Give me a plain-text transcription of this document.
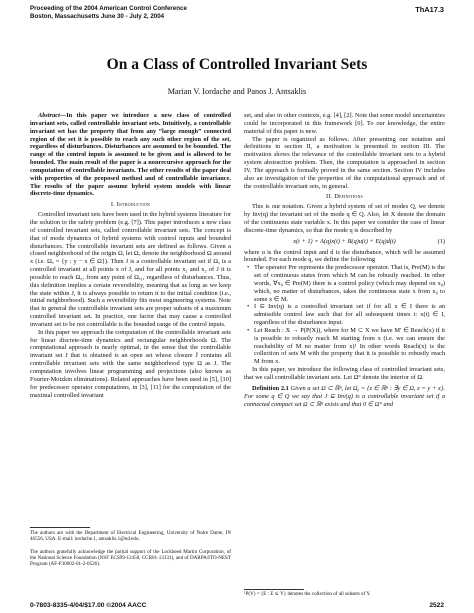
Proceeding of the 2004 American Control Conference
Boston, Massachusetts June 30 - July 2, 2004
ThA17.3
On a Class of Controlled Invariant Sets
Marian V. Iordache and Panos J. Antsaklis

Abstract—In this paper we introduce a new class of controlled invariant sets, called controllable invariant sets. Intuitively, a controllable invariant set has the property that from any “large enough” connected region of the set it is possible to reach any such other region of the set, regardless of disturbances. Disturbances are assumed to be bounded. The range of the control inputs is assumed to be given and is allowed to be bounded. The main result of the paper is a nonrecursive approach for the computation of controllable invariants. The other results of the paper deal with properties of the proposed method and of controllable invariance. The results of the paper assume hybrid system models with linear discrete-time dynamics.

I. Introduction

Controlled invariant sets have been used in the hybrid systems literature for the solution to the safety problem (e.g. [7]). This paper introduces a new class of controlled invariant sets, called controllable invariant sets. The concept is that of mode dynamics of hybrid systems with control inputs and bounded disturbances. The controllable invariant sets are defined as follows. Given a closed neighborhood of the origin Ω, let Ωₓ denote the neighborhood Ω around x (i.e. Ωₓ = {y : y − x ∈ Ω}). Then J is a controllable invariant set if Ωₓ is a controlled invariant at all points x of J, and for all points x₁ and x₂ of J it is possible to reach Ωₓ₂ from any point of Ωₓ₁, regardless of disturbances. Thus, this definition implies a certain reversibility, meaning that as long as we keep the state within J, it is always possible to return it to the initial condition (i.e., initial neighborhood). Such a reversibility fits most engineering systems. Note that in general the controllable invariant sets are proper subsets of a maximum controlled invariant set. In practice, one factor that may cause a controlled invariant set to be not controllable is the bounded range of the control inputs.

In this paper we approach the computation of the controllable invariant sets for linear discrete-time dynamics and rectangular neighborhoods Ω. The computational approach is nearly optimal, in the sense that the controllable invariant set J that is obtained is an open set whose closure J̄ contains all controllable invariant sets with the same neighborhood type Ω as J. The computation involves linear programming and projections (also known as Fourier-Motzkin eliminations). Related approaches have been used in [5], [10] for predecessor operator computations, in [3], [11] for the computation of the maximal controlled invariant

The authors are with the Department of Electrical Engineering, University of Notre Dame, IN 46556, USA. E-mail: iordache.1, antsaklis.1@nd.edu.
The authors gratefully acknowledge the partial support of the Lockheed Martin Corporation, of the National Science Foundation (NSF ECS99-12458, CCR01-13131), and of DARPA/ITO-NEST Program (AF-F30602-01-2-0526).

set, and also in other contexts, e.g. [4], [2]. Note that some model uncertainties could be incorporated in this framework [6]. To our knowledge, the entire material of this paper is new.

The paper is organized as follows. After presenting our notation and definitions in section II, a motivation is presented in section III. The motivation shows the relevance of the controllable invariant sets to a hybrid system abstraction problem. Then, the computation is approached in section IV. The approach is formally proved in the same section. Section IV includes also an investigation of the properties of the computational approach and of the controllable invariant sets, in general.

II. Definitions

This is our notation. Given a hybrid system of set of modes Q, we denote by Inv(q) the invariant set of the mode q ∈ Q. Also, let X denote the domain of the continuous state variable x. In this paper we consider the case of linear discrete-time dynamics, so that the mode q is described by

x(t + 1) = A(q)x(t) + B(q)u(t) + E(q)d(t)	(1)

where u is the control input and d is the disturbance, which will be assumed bounded. For each mode q, we define the following

• The operator Pre represents the predecessor operator. That is, Pre(M) is the set of continuous states from which M can be robustly reached. In other words, ∀x₀ ∈ Pre(M) there is a control policy (which may depend on x₀) which, no matter of disturbances, takes the continuous state x from x₀ to some x ∈ M.
• I ⊆ Inv(q) is a controlled invariant set if for all x ∈ I there is an admissible control law such that for all subsequent times t: x(t) ∈ I, regardless of the disturbance input.
• Let Reach : X → P(P(X)), where for M ⊂ X we have M′ ∈ Reach(x) if it is possible to robustly reach M starting from x (i.e. we can ensure the reachability of M no matter from x)¹ In other words Reach(x) is the collection of sets M with the property that it is possible to robustly reach M from x.

In this paper, we introduce the following class of controlled invariant sets, that we call controllable invariant sets. Let Ω° denote the interior of Ω.

Definition 2.1 Given a set Ω ⊂ ℝⁿ, let Ωᵪ = {z ∈ ℝⁿ : ∃y ∈ Ω, z = y + x}. For some q ∈ Q we say that J ⊆ Inv(q) is a controllable invariant set if a connected compact set Ω ⊂ ℝⁿ exists and that 0 ∈ Ω° and

¹P(Y) = {E : E ⊆ Y} denotes the collection of all subsets of Y.
0-7803-8335-4/04/$17.00 ©2004 AACC	2522
